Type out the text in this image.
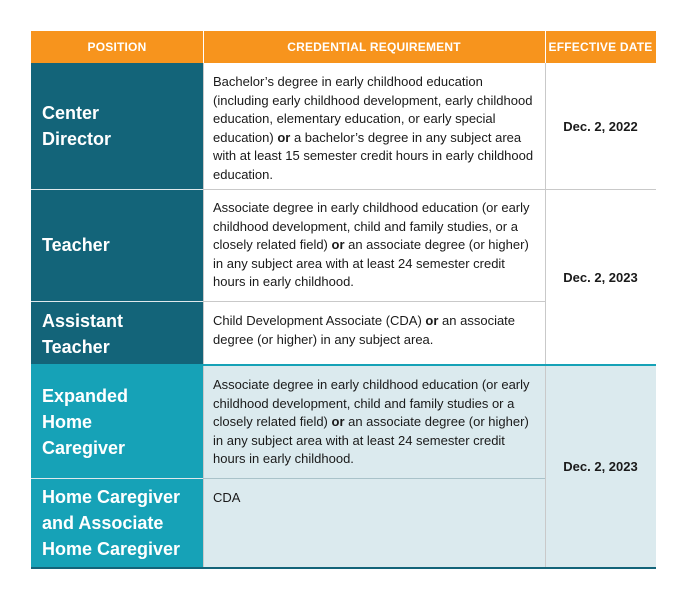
POSITION	CREDENTIAL REQUIREMENT	EFFECTIVE DATE
Center
Director
Bachelor’s degree in early childhood education (including early childhood development, early childhood education, elementary education, or early special education) or a bachelor’s degree in any subject area with at least 15 semester credit hours in early childhood education.
Teacher
Associate degree in early childhood education (or early childhood development, child and family studies, or a closely related field) or an associate degree (or higher) in any subject area with at least 24 semester credit hours in early childhood.
Assistant
Teacher
Child Development Associate (CDA) or an associate degree (or higher) in any subject area.
Expanded
Home
Caregiver
Associate degree in early childhood education (or early childhood development, child and family studies or a closely related field) or an associate degree (or higher) in any subject area with at least 24 semester credit hours in early childhood.
Home Caregiver
and Associate
Home Caregiver
CDA
Dec. 2, 2022
Dec. 2, 2023
Dec. 2, 2023
